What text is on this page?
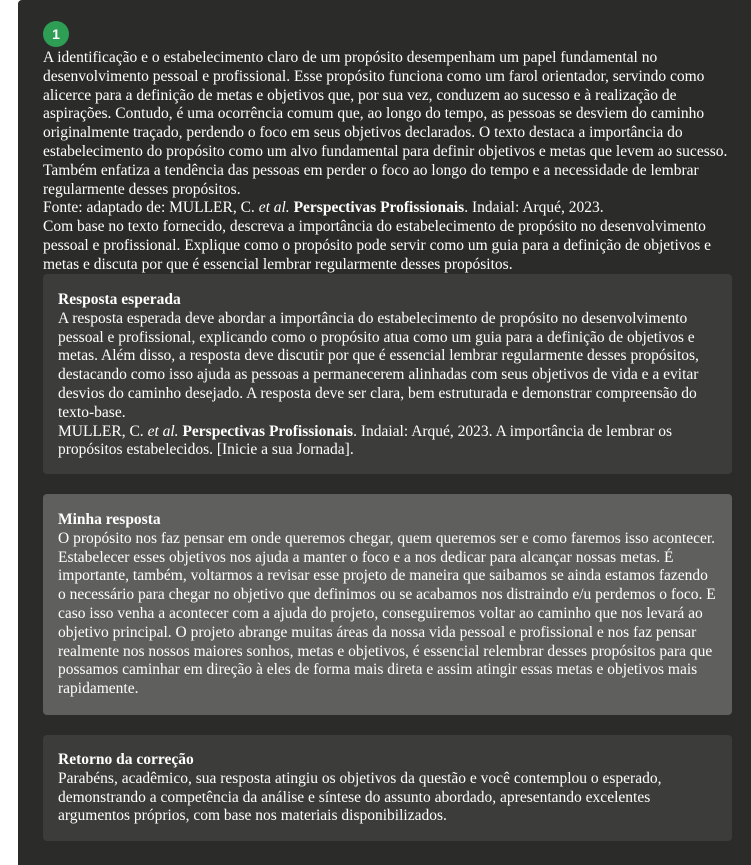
1

A identificação e o estabelecimento claro de um propósito desempenham um papel fundamental no desenvolvimento pessoal e profissional. Esse propósito funciona como um farol orientador, servindo como alicerce para a definição de metas e objetivos que, por sua vez, conduzem ao sucesso e à realização de aspirações. Contudo, é uma ocorrência comum que, ao longo do tempo, as pessoas se desviem do caminho originalmente traçado, perdendo o foco em seus objetivos declarados. O texto destaca a importância do estabelecimento do propósito como um alvo fundamental para definir objetivos e metas que levem ao sucesso. Também enfatiza a tendência das pessoas em perder o foco ao longo do tempo e a necessidade de lembrar regularmente desses propósitos.

Fonte: adaptado de: MULLER, C. et al. Perspectivas Profissionais. Indaial: Arqué, 2023.

Com base no texto fornecido, descreva a importância do estabelecimento de propósito no desenvolvimento pessoal e profissional. Explique como o propósito pode servir como um guia para a definição de objetivos e metas e discuta por que é essencial lembrar regularmente desses propósitos.

Resposta esperada

A resposta esperada deve abordar a importância do estabelecimento de propósito no desenvolvimento pessoal e profissional, explicando como o propósito atua como um guia para a definição de objetivos e metas. Além disso, a resposta deve discutir por que é essencial lembrar regularmente desses propósitos, destacando como isso ajuda as pessoas a permanecerem alinhadas com seus objetivos de vida e a evitar desvios do caminho desejado. A resposta deve ser clara, bem estruturada e demonstrar compreensão do texto-base.

MULLER, C. et al. Perspectivas Profissionais. Indaial: Arqué, 2023. A importância de lembrar os propósitos estabelecidos. [Inicie a sua Jornada].

Minha resposta

O propósito nos faz pensar em onde queremos chegar, quem queremos ser e como faremos isso acontecer. Estabelecer esses objetivos nos ajuda a manter o foco e a nos dedicar para alcançar nossas metas. É importante, também, voltarmos a revisar esse projeto de maneira que saibamos se ainda estamos fazendo o necessário para chegar no objetivo que definimos ou se acabamos nos distraindo e/u perdemos o foco. E caso isso venha a acontecer com a ajuda do projeto, conseguiremos voltar ao caminho que nos levará ao objetivo principal. O projeto abrange muitas áreas da nossa vida pessoal e profissional e nos faz pensar realmente nos nossos maiores sonhos, metas e objetivos, é essencial relembrar desses propósitos para que possamos caminhar em direção à eles de forma mais direta e assim atingir essas metas e objetivos mais rapidamente.

Retorno da correção

Parabéns, acadêmico, sua resposta atingiu os objetivos da questão e você contemplou o esperado, demonstrando a competência da análise e síntese do assunto abordado, apresentando excelentes argumentos próprios, com base nos materiais disponibilizados.
